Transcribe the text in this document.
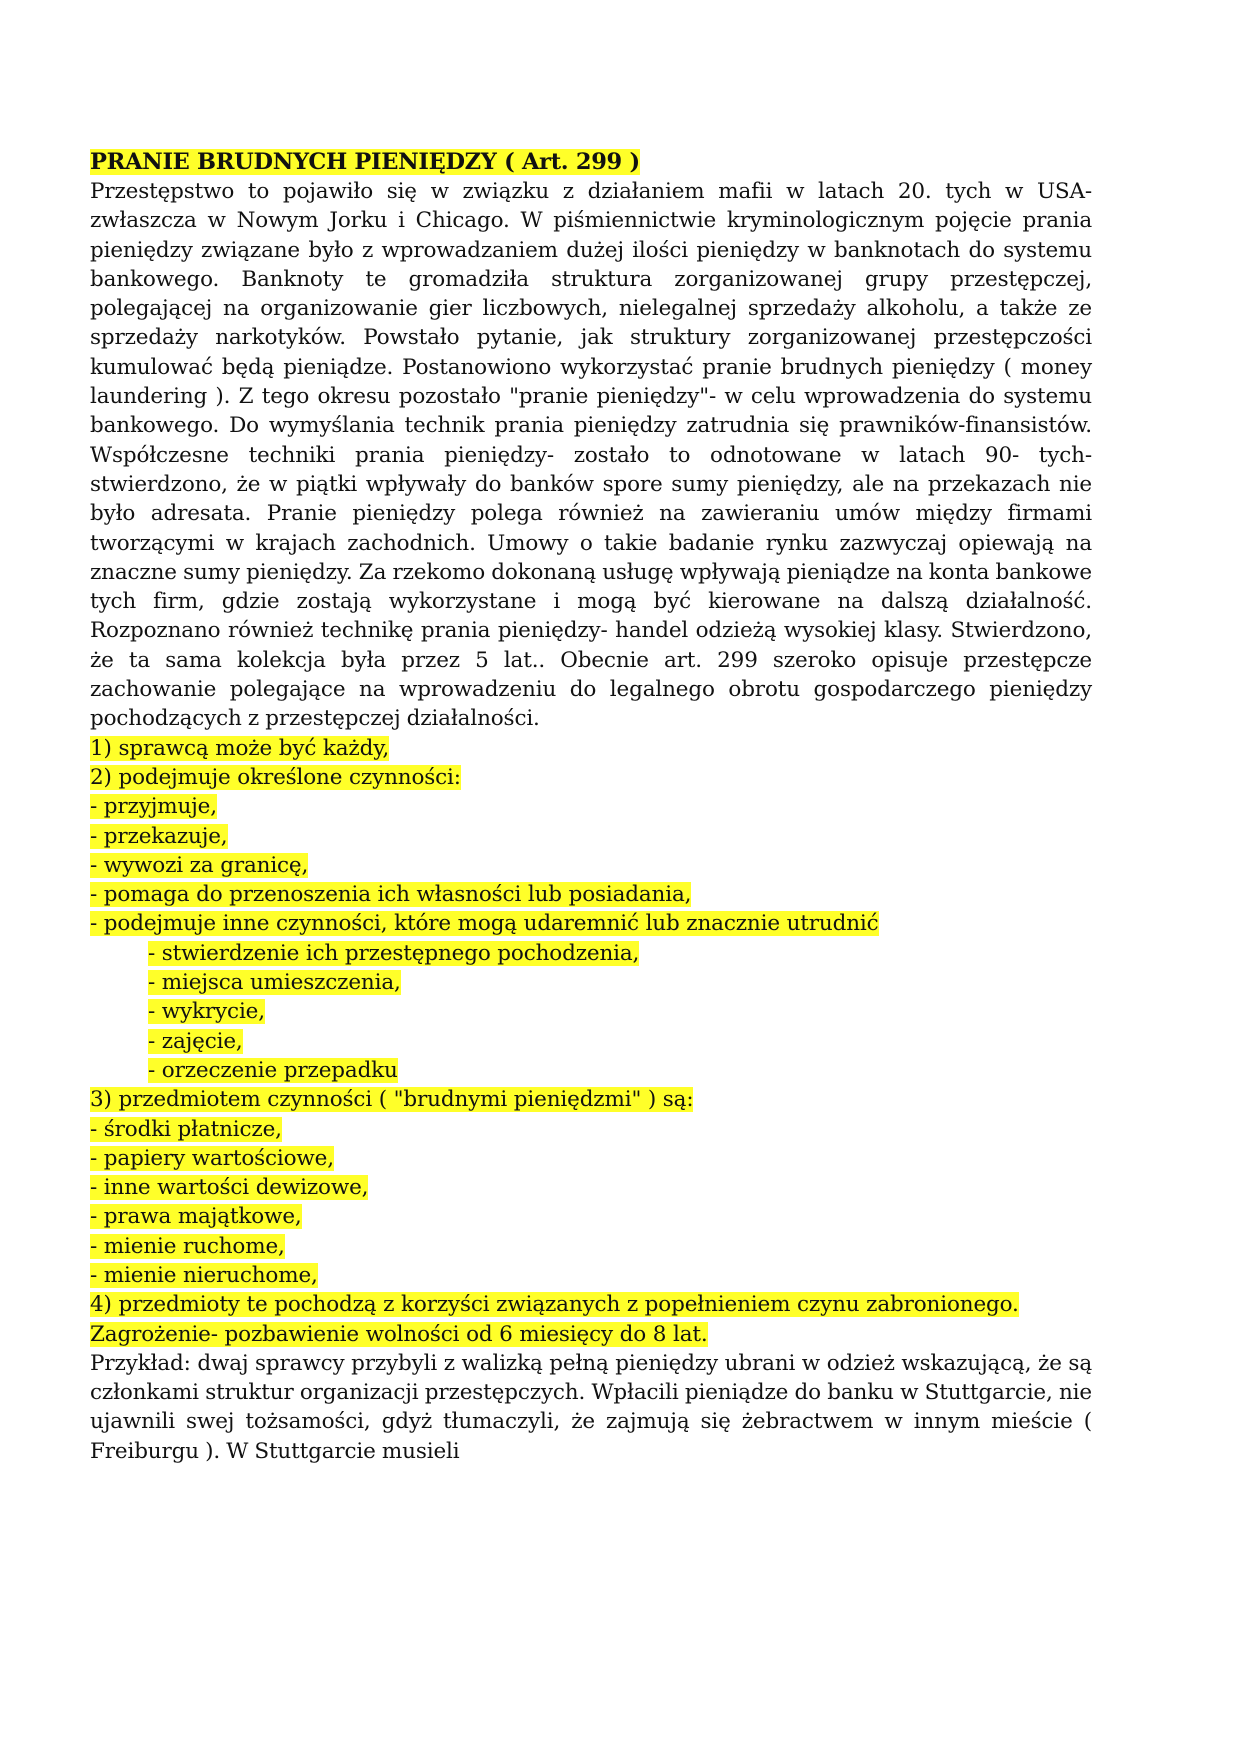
PRANIE BRUDNYCH PIENIĘDZY ( Art. 299 )

Przestępstwo to pojawiło się w związku z działaniem mafii w latach 20. tych w USA- zwłaszcza w Nowym Jorku i Chicago. W piśmiennictwie kryminologicznym pojęcie prania pieniędzy związane było z wprowadzaniem dużej ilości pieniędzy w banknotach do systemu bankowego. Banknoty te gromadziła struktura zorganizowanej grupy przestępczej, polegającej na organizowanie gier liczbowych, nielegalnej sprzedaży alkoholu, a także ze sprzedaży narkotyków. Powstało pytanie, jak struktury zorganizowanej przestępczości kumulować będą pieniądze. Postanowiono wykorzystać pranie brudnych pieniędzy ( money laundering ). Z tego okresu pozostało "pranie pieniędzy"- w celu wprowadzenia do systemu bankowego. Do wymyślania technik prania pieniędzy zatrudnia się prawników-finansistów. Współczesne techniki prania pieniędzy- zostało to odnotowane w latach 90- tych- stwierdzono, że w piątki wpływały do banków spore sumy pieniędzy, ale na przekazach nie było adresata. Pranie pieniędzy polega również na zawieraniu umów między firmami tworzącymi w krajach zachodnich. Umowy o takie badanie rynku zazwyczaj opiewają na znaczne sumy pieniędzy. Za rzekomo dokonaną usługę wpływają pieniądze na konta bankowe tych firm, gdzie zostają wykorzystane i mogą być kierowane na dalszą działalność. Rozpoznano również technikę prania pieniędzy- handel odzieżą wysokiej klasy. Stwierdzono, że ta sama kolekcja była przez 5 lat.. Obecnie art. 299 szeroko opisuje przestępcze zachowanie polegające na wprowadzeniu do legalnego obrotu gospodarczego pieniędzy pochodzących z przestępczej działalności.

1) sprawcą może być każdy,

2) podejmuje określone czynności:

- przyjmuje,

- przekazuje,

- wywozi za granicę,

- pomaga do przenoszenia ich własności lub posiadania,

- podejmuje inne czynności, które mogą udaremnić lub znacznie utrudnić

- stwierdzenie ich przestępnego pochodzenia,

- miejsca umieszczenia,

- wykrycie,

- zajęcie,

- orzeczenie przepadku

3) przedmiotem czynności ( "brudnymi pieniędzmi" ) są:

- środki płatnicze,

- papiery wartościowe,

- inne wartości dewizowe,

- prawa majątkowe,

- mienie ruchome,

- mienie nieruchome,

4) przedmioty te pochodzą z korzyści związanych z popełnieniem czynu zabronionego.

Zagrożenie- pozbawienie wolności od 6 miesięcy do 8 lat.

Przykład: dwaj sprawcy przybyli z walizką pełną pieniędzy ubrani w odzież wskazującą, że są członkami struktur organizacji przestępczych. Wpłacili pieniądze do banku w Stuttgarcie, nie ujawnili swej tożsamości, gdyż tłumaczyli, że zajmują się żebractwem w innym mieście ( Freiburgu ). W Stuttgarcie musieli
